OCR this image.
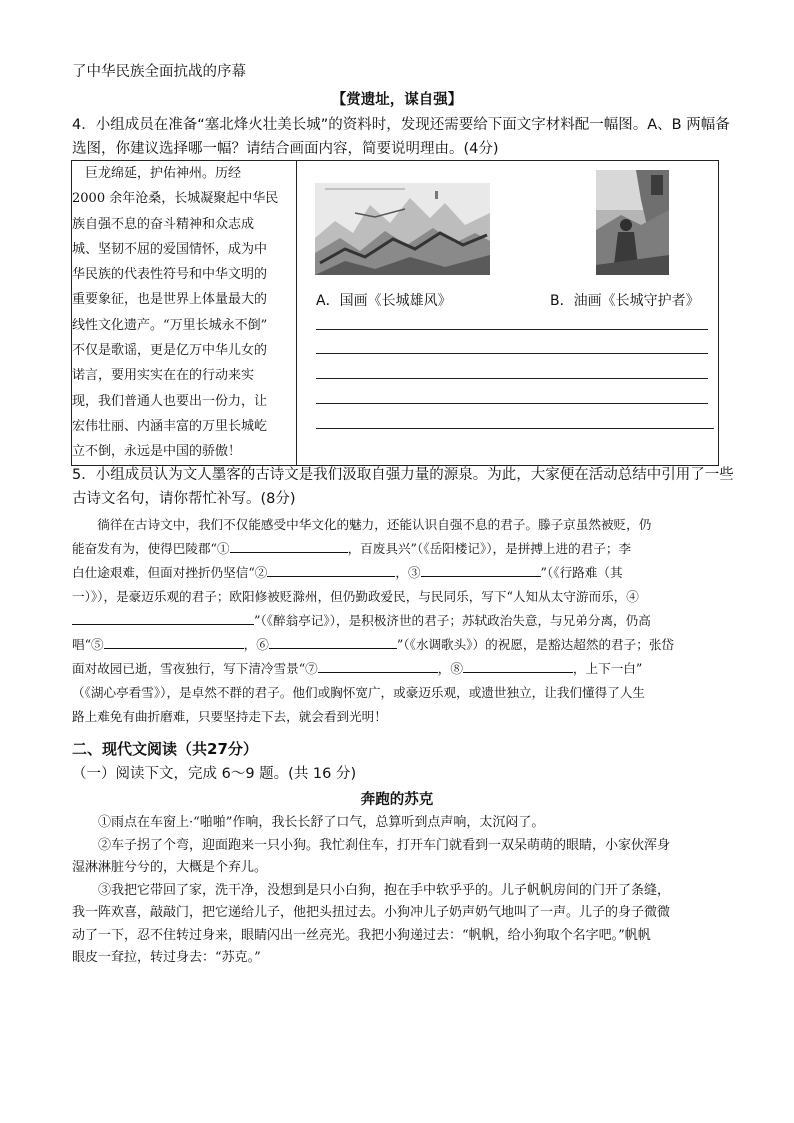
了中华民族全面抗战的序幕
【赏遗址，谋自强】
4．小组成员在准备“塞北烽火壮美长城”的资料时，发现还需要给下面文字材料配一幅图。A、B 两幅备
选图，你建议选择哪一幅？请结合画面内容，简要说明理由。(4分)

　巨龙绵延，护佑神州。历经

2000 余年沧桑，长城凝聚起中华民

族自强不息的奋斗精神和众志成

城、坚韧不屈的爱国情怀，成为中

华民族的代表性符号和中华文明的

重要象征，也是世界上体量最大的

线性文化遗产。“万里长城永不倒”

不仅是歌谣，更是亿万中华儿女的

诺言，要用实实在在的行动来实

现，我们普通人也要出一份力，让

宏伟壮丽、内涵丰富的万里长城屹

立不倒，永远是中国的骄傲！

A．国画《长城雄风》	B．油画《长城守护者》
5．小组成员认为文人墨客的古诗文是我们汲取自强力量的源泉。为此，大家便在活动总结中引用了一些
古诗文名句，请你帮忙补写。(8分)
　　徜徉在古诗文中，我们不仅能感受中华文化的魅力，还能认识自强不息的君子。滕子京虽然被贬，仍
能奋发有为，使得巴陵郡“①	，百废具兴”（《岳阳楼记》），是拼搏上进的君子；李
白仕途艰难，但面对挫折仍坚信“②	，③	”（《行路难（其
一）》），是豪迈乐观的君子；欧阳修被贬滁州，但仍勤政爱民，与民同乐，写下“人知从太守游而乐，④
”（《醉翁亭记》），是积极济世的君子；苏轼政治失意，与兄弟分离，仍高
唱“⑤	，⑥	”（《水调歌头》）的祝愿，是豁达超然的君子；张岱
面对故园已逝，雪夜独行，写下清冷雪景“⑦	，⑧	，上下一白”
（《湖心亭看雪》），是卓然不群的君子。他们或胸怀宽广，或豪迈乐观，或遗世独立，让我们懂得了人生
路上难免有曲折磨难，只要坚持走下去，就会看到光明！
二、现代文阅读（共27分）
（一）阅读下文，完成 6～9 题。(共 16 分)
奔跑的苏克
　　①雨点在车窗上·“啪啪”作响，我长长舒了口气，总算听到点声响，太沉闷了。
　　②车子拐了个弯，迎面跑来一只小狗。我忙刹住车，打开车门就看到一双呆萌萌的眼睛，小家伙浑身
　　湿淋淋脏兮兮的，大概是个弃儿。
　　③我把它带回了家，洗干净，没想到是只小白狗，抱在手中软乎乎的。儿子帆帆房间的门开了条缝，
　　我一阵欢喜，敲敲门，把它递给儿子，他把头扭过去。小狗冲儿子奶声奶气地叫了一声。儿子的身子微微
　　动了一下，忍不住转过身来，眼睛闪出一丝亮光。我把小狗递过去：“帆帆，给小狗取个名字吧。”帆帆
　　眼皮一耷拉，转过身去：“苏克。”
